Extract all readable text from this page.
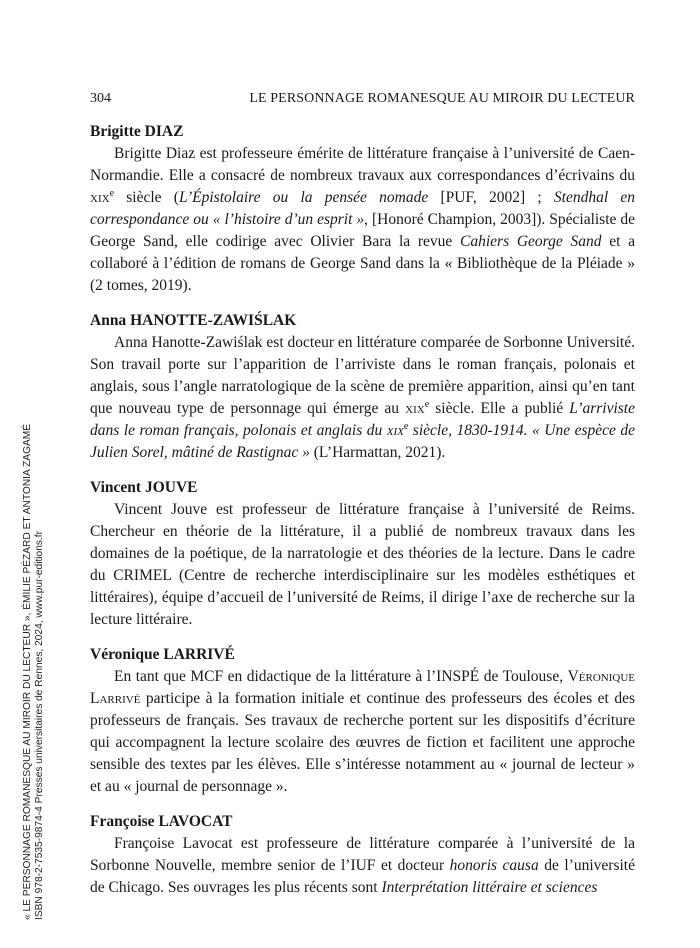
304	LE PERSONNAGE ROMANESQUE AU MIROIR DU LECTEUR

Brigitte DIAZ

Brigitte Diaz est professeure émérite de littérature française à l’université de Caen-Normandie. Elle a consacré de nombreux travaux aux correspondances d’écrivains du xix$^e$ siècle (L’Épistolaire ou la pensée nomade [PUF, 2002] ; Stendhal en correspondance ou « l’histoire d’un esprit », [Honoré Champion, 2003]). Spécialiste de George Sand, elle codirige avec Olivier Bara la revue Cahiers George Sand et a collaboré à l’édition de romans de George Sand dans la « Bibliothèque de la Pléiade » (2 tomes, 2019).

Anna HANOTTE-ZAWIŚLAK

Anna Hanotte-Zawiślak est docteur en littérature comparée de Sorbonne Université. Son travail porte sur l’apparition de l’arriviste dans le roman français, polonais et anglais, sous l’angle narratologique de la scène de première apparition, ainsi qu’en tant que nouveau type de personnage qui émerge au xix$^e$ siècle. Elle a publié L’arriviste dans le roman français, polonais et anglais du xix$^e$ siècle, 1830-1914. « Une espèce de Julien Sorel, mâtiné de Rastignac » (L’Harmattan, 2021).

Vincent JOUVE

Vincent Jouve est professeur de littérature française à l’université de Reims. Chercheur en théorie de la littérature, il a publié de nombreux travaux dans les domaines de la poétique, de la narratologie et des théories de la lecture. Dans le cadre du CRIMEL (Centre de recherche interdisciplinaire sur les modèles esthétiques et littéraires), équipe d’accueil de l’université de Reims, il dirige l’axe de recherche sur la lecture littéraire.

Véronique LARRIVÉ

En tant que MCF en didactique de la littérature à l’INSPÉ de Toulouse, Véronique Larrivé participe à la formation initiale et continue des professeurs des écoles et des professeurs de français. Ses travaux de recherche portent sur les dispositifs d’écriture qui accompagnent la lecture scolaire des œuvres de fiction et facilitent une approche sensible des textes par les élèves. Elle s’intéresse notamment au « journal de lecteur » et au « journal de personnage ».

Françoise LAVOCAT

Françoise Lavocat est professeure de littérature comparée à l’université de la Sorbonne Nouvelle, membre senior de l’IUF et docteur honoris causa de l’université de Chicago. Ses ouvrages les plus récents sont Interprétation littéraire et sciences

« LE PERSONNAGE ROMANESQUE AU MIROIR DU LECTEUR », ÉMILIE PÉZARD ET ANTONIA ZAGAMÉ ISBN 978-2-7535-9874-4 Presses universitaires de Rennes, 2024, www.pur-editions.fr
